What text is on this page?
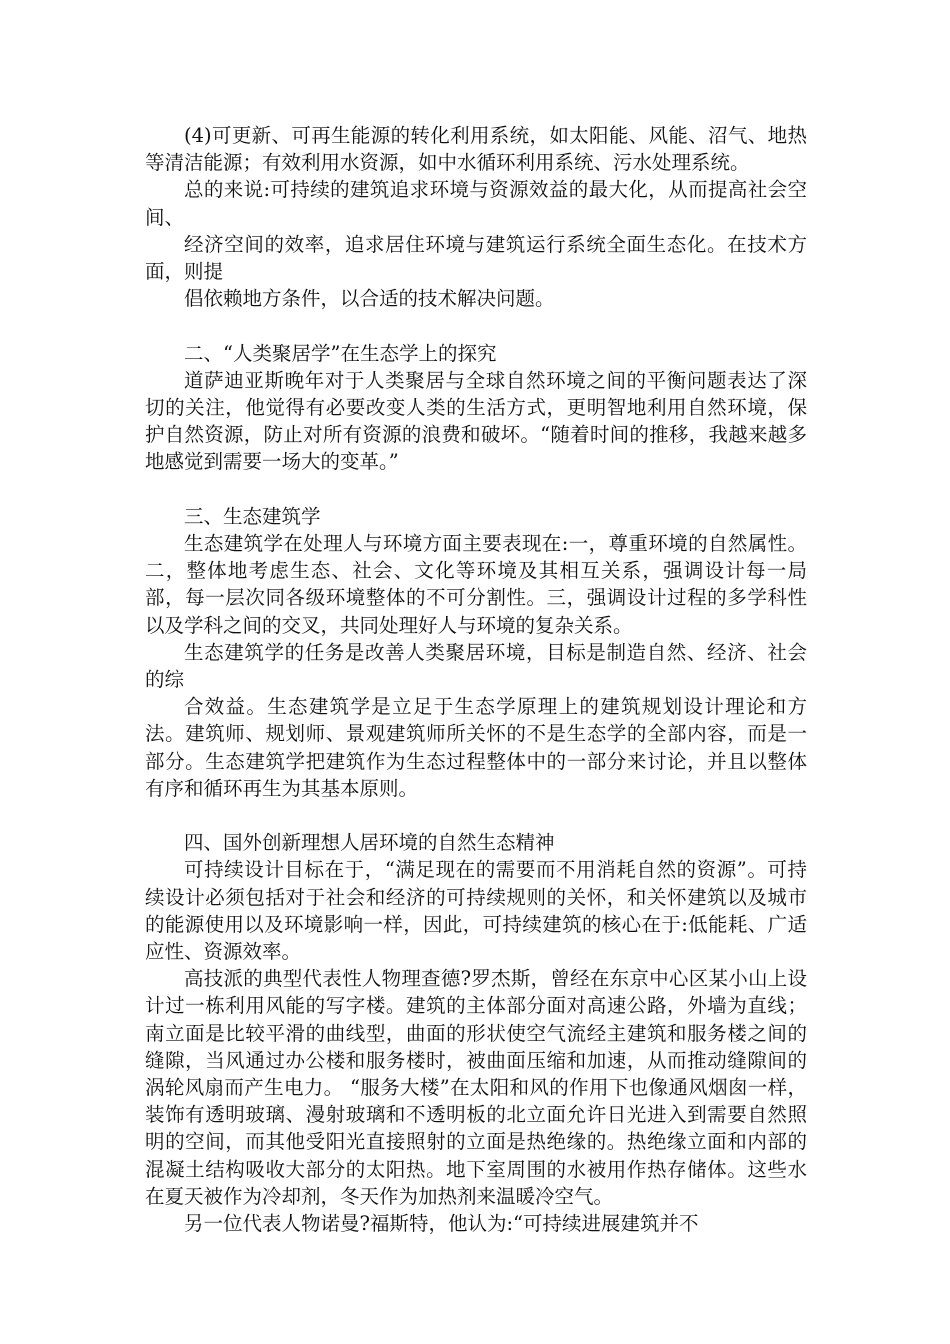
(4)可更新、可再生能源的转化利用系统，如太阳能、风能、沼气、地热等清洁能源；有效利用水资源，如中水循环利用系统、污水处理系统。

总的来说:可持续的建筑追求环境与资源效益的最大化，从而提高社会空间、

经济空间的效率，追求居住环境与建筑运行系统全面生态化。在技术方面，则提

倡依赖地方条件，以合适的技术解决问题。

二、“人类聚居学”在生态学上的探究

道萨迪亚斯晚年对于人类聚居与全球自然环境之间的平衡问题表达了深切的关注，他觉得有必要改变人类的生活方式，更明智地利用自然环境，保护自然资源，防止对所有资源的浪费和破坏。“随着时间的推移，我越来越多地感觉到需要一场大的变革。”

三、生态建筑学

生态建筑学在处理人与环境方面主要表现在:一，尊重环境的自然属性。二，整体地考虑生态、社会、文化等环境及其相互关系，强调设计每一局部，每一层次同各级环境整体的不可分割性。三，强调设计过程的多学科性以及学科之间的交叉，共同处理好人与环境的复杂关系。

生态建筑学的任务是改善人类聚居环境，目标是制造自然、经济、社会的综

合效益。生态建筑学是立足于生态学原理上的建筑规划设计理论和方法。建筑师、规划师、景观建筑师所关怀的不是生态学的全部内容，而是一部分。生态建筑学把建筑作为生态过程整体中的一部分来讨论，并且以整体有序和循环再生为其基本原则。

四、国外创新理想人居环境的自然生态精神

可持续设计目标在于，“满足现在的需要而不用消耗自然的资源”。可持续设计必须包括对于社会和经济的可持续规则的关怀，和关怀建筑以及城市的能源使用以及环境影响一样，因此，可持续建筑的核心在于:低能耗、广适应性、资源效率。

高技派的典型代表性人物理查德?罗杰斯，曾经在东京中心区某小山上设计过一栋利用风能的写字楼。建筑的主体部分面对高速公路，外墙为直线；南立面是比较平滑的曲线型，曲面的形状使空气流经主建筑和服务楼之间的缝隙，当风通过办公楼和服务楼时，被曲面压缩和加速，从而推动缝隙间的涡轮风扇而产生电力。 “服务大楼”在太阳和风的作用下也像通风烟囱一样，装饰有透明玻璃、漫射玻璃和不透明板的北立面允许日光进入到需要自然照明的空间，而其他受阳光直接照射的立面是热绝缘的。热绝缘立面和内部的混凝土结构吸收大部分的太阳热。地下室周围的水被用作热存储体。这些水在夏天被作为冷却剂，冬天作为加热剂来温暖冷空气。

另一位代表人物诺曼?福斯特，他认为:“可持续进展建筑并不
